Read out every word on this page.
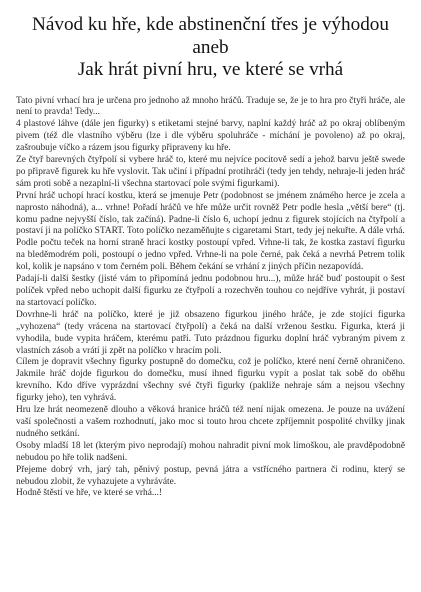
Návod ku hře, kde abstinenční třes je výhodou
aneb
Jak hrát pivní hru, ve které se vrhá

Tato pivní vrhací hra je určena pro jednoho až mnoho hráčů. Traduje se, že je to hra pro čtyři hráče, ale není to pravda! Tedy...

4 plastové láhve (dále jen figurky) s etiketami stejné barvy, naplní každý hráč až po okraj oblíbeným pivem (též dle vlastního výběru (lze i dle výběru spoluhráče - míchání je povoleno) až po okraj, zašroubuje víčko a rázem jsou figurky připraveny ku hře.

Ze čtyř barevných čtyřpolí si vybere hráč to, které mu nejvíce pocitově sedí a jehož barvu ještě swede po připravě figurek ku hře vyslovit. Tak učiní i případní protihráči (tedy jen tehdy, nehraje-li jeden hráč sám proti sobě a nezaplní-li všechna startovací pole svými figurkami).

První hráč uchopí hrací kostku, která se jmenuje Petr (podobnost se jménem známého herce je zcela a naprosto náhodná), a... vrhne! Pořadí hráčů ve hře může určit rovněž Petr podle hesla „větší bere“ (tj. komu padne nejvyšší číslo, tak začíná). Padne-li číslo 6, uchopí jednu z figurek stojících na čtyřpolí a postaví ji na políčko START. Toto políčko nezaměňujte s cigaretami Start, tedy jej nekuřte. A dále vrhá.

Podle počtu teček na horní straně hrací kostky postoupí vpřed. Vrhne-li tak, že kostka zastaví figurku na bleděmodrém poli, postoupí o jedno vpřed. Vrhne-li na pole černé, pak čeká a nevrhá Petrem tolik kol, kolik je napsáno v tom černém poli. Během čekání se vrhání z jiných příčin nezapovídá.

Padají-li další šestky (jisté vám to připomíná jednu podobnou hru...), může hráč buď postoupit o šest políček vpřed nebo uchopit další figurku ze čtyřpolí a rozechvěn touhou co nejdříve vyhrát, ji postaví na startovací políčko.

Dovrhne-li hráč na políčko, které je již obsazeno figurkou jiného hráče, je zde stojící figurka „vyhozena“ (tedy vrácena na startovací čtyřpolí) a čeká na další vrženou šestku. Figurka, která ji vyhodila, bude vypita hráčem, kterému patří. Tuto prázdnou figurku doplní hráč vybraným pivem z vlastních zásob a vrátí ji zpět na políčko v hracím poli.

Cílem je dopravit všechny figurky postupně do domečku, což je políčko, které není černě ohraničeno. Jakmile hráč dojde figurkou do domečku, musí ihned figurku vypít a poslat tak sobě do oběhu krevního. Kdo dříve vyprázdní všechny své čtyři figurky (pakliže nehraje sám a nejsou všechny figurky jeho), ten vyhrává.

Hru lze hrát neomezeně dlouho a věková hranice hráčů též není nijak omezena. Je pouze na uvážení vaší společnosti a vašem rozhodnutí, jako moc si touto hrou chcete zpříjemnit pospolité chvilky jinak nudného setkání.

Osoby mladší 18 let (kterým pivo neprodají) mohou nahradit pivní mok limoškou, ale pravděpodobně nebudou po hře tolik nadšeni.

Přejeme dobrý vrh, jarý tah, pěnivý postup, pevná játra a vstřícného partnera či rodinu, který se nebudou zlobit, že vyhazujete a vyhráváte.

Hodně štěstí ve hře, ve které se vrhá...!
